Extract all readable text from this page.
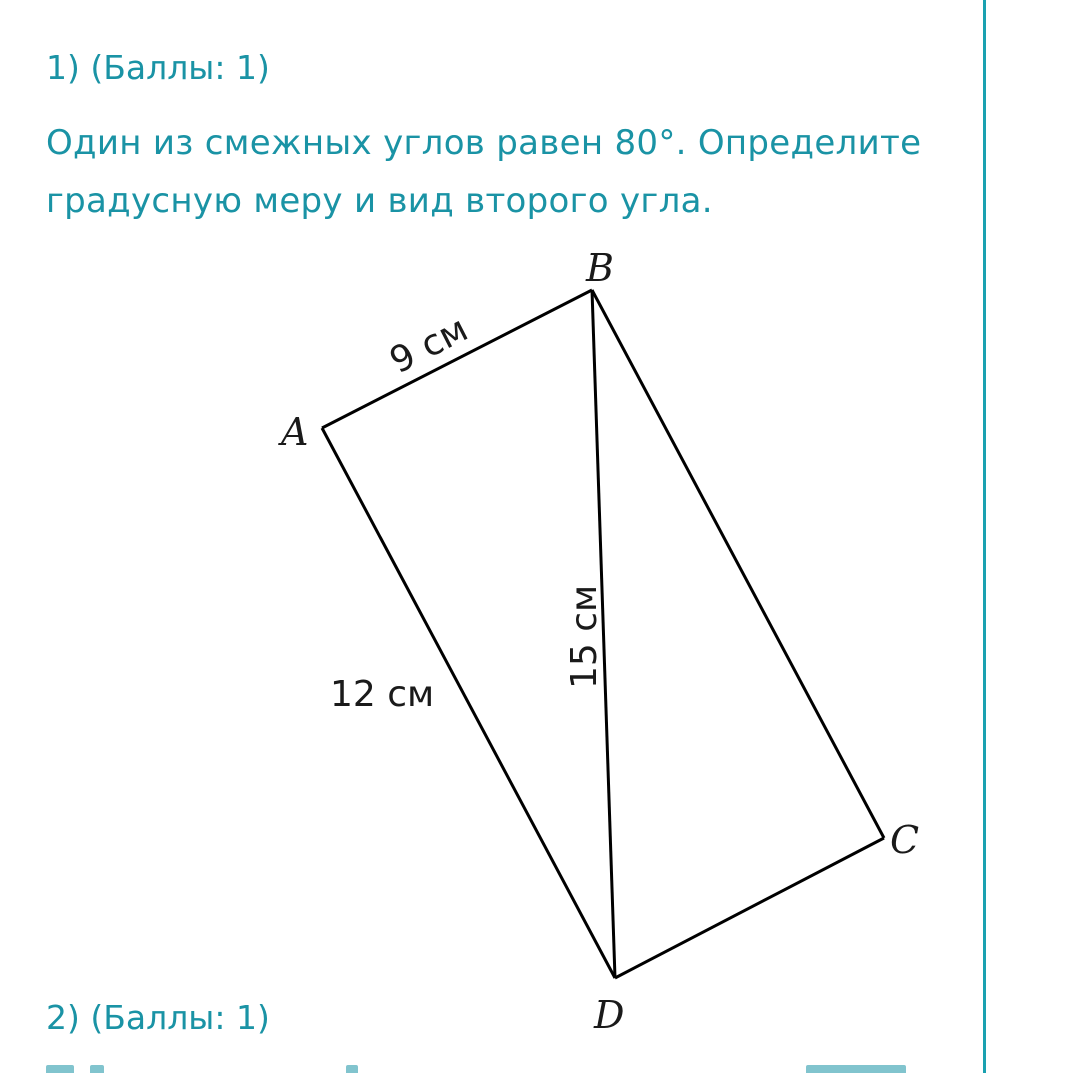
1) (Баллы: 1)
Один из смежных углов равен 80°. Определите градусную меру и вид второго угла.
A
B
C
D
9 см
12 см
15 см
2) (Баллы: 1)
